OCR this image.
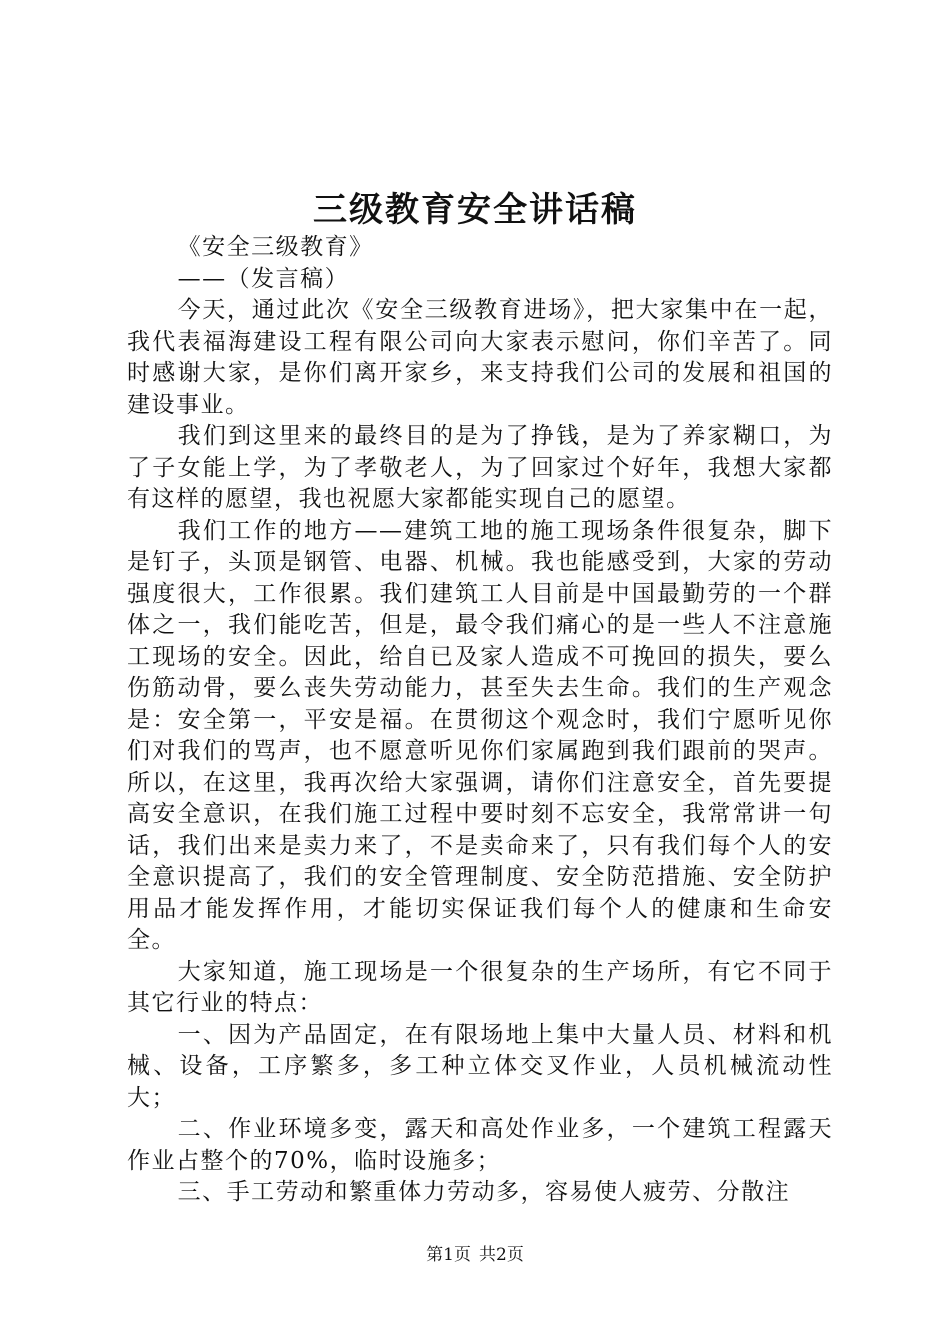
三级教育安全讲话稿

《安全三级教育》

——（发言稿）

今天，通过此次《安全三级教育进场》，把大家集中在一起，我代表福海建设工程有限公司向大家表示慰问，你们辛苦了。同时感谢大家，是你们离开家乡，来支持我们公司的发展和祖国的建设事业。

我们到这里来的最终目的是为了挣钱，是为了养家糊口，为了子女能上学，为了孝敬老人，为了回家过个好年，我想大家都有这样的愿望，我也祝愿大家都能实现自己的愿望。

我们工作的地方——建筑工地的施工现场条件很复杂，脚下是钉子，头顶是钢管、电器、机械。我也能感受到，大家的劳动强度很大，工作很累。我们建筑工人目前是中国最勤劳的一个群体之一，我们能吃苦，但是，最令我们痛心的是一些人不注意施工现场的安全。因此，给自已及家人造成不可挽回的损失，要么伤筋动骨，要么丧失劳动能力，甚至失去生命。我们的生产观念是：安全第一，平安是福。在贯彻这个观念时，我们宁愿听见你们对我们的骂声，也不愿意听见你们家属跑到我们跟前的哭声。所以，在这里，我再次给大家强调，请你们注意安全，首先要提高安全意识，在我们施工过程中要时刻不忘安全，我常常讲一句话，我们出来是卖力来了，不是卖命来了，只有我们每个人的安全意识提高了，我们的安全管理制度、安全防范措施、安全防护用品才能发挥作用，才能切实保证我们每个人的健康和生命安全。

大家知道，施工现场是一个很复杂的生产场所，有它不同于其它行业的特点：

一、因为产品固定，在有限场地上集中大量人员、材料和机械、设备，工序繁多，多工种立体交叉作业，人员机械流动性大；

二、作业环境多变，露天和高处作业多，一个建筑工程露天作业占整个的70%，临时设施多；

三、手工劳动和繁重体力劳动多，容易使人疲劳、分散注

第1页 共2页
